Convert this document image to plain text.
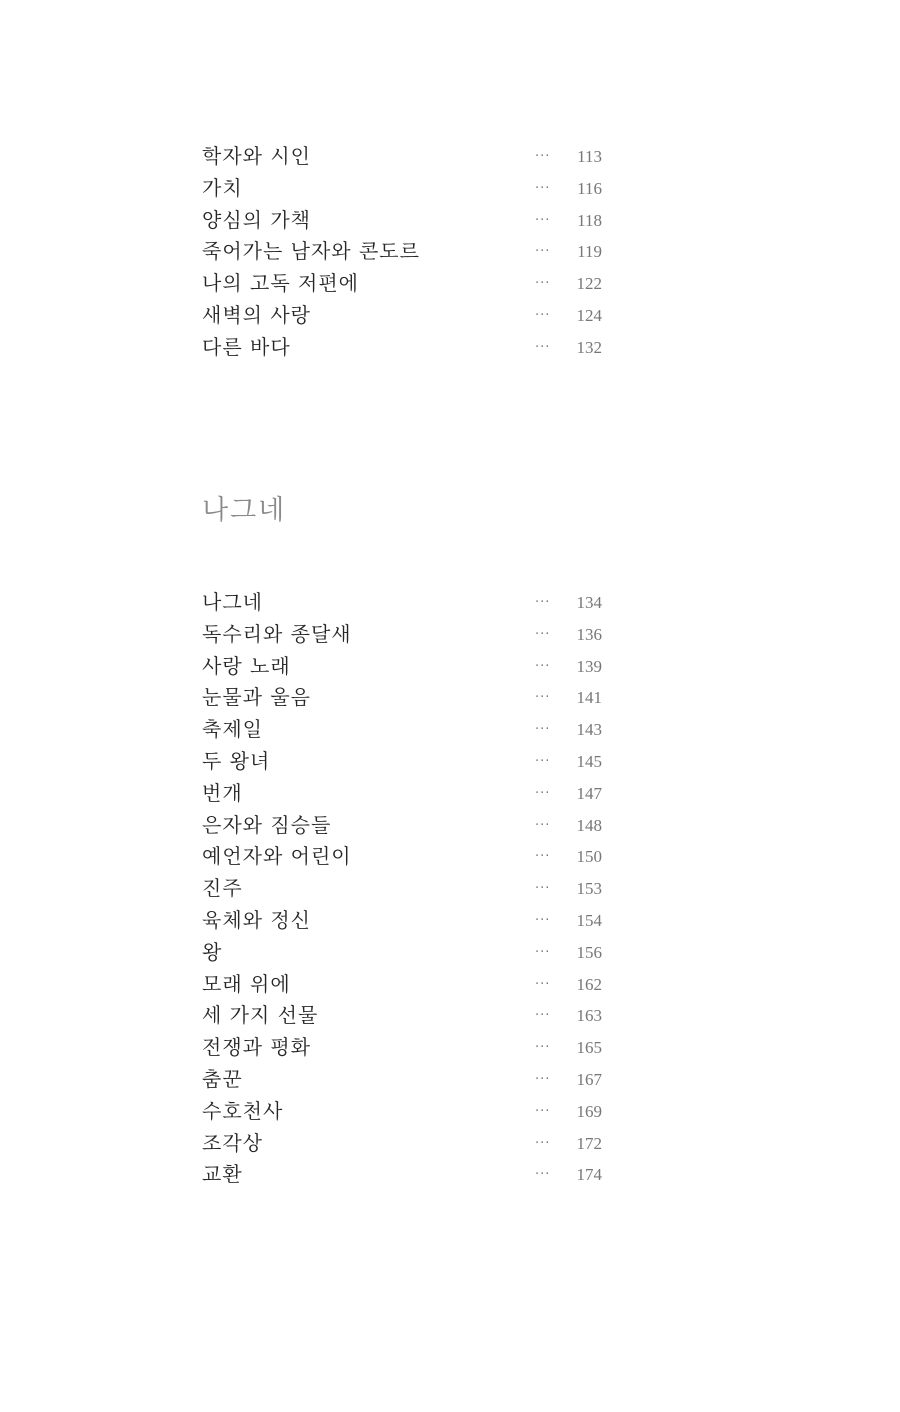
학자와 시인	···	113
가치	···	116
양심의 가책	···	118
죽어가는 남자와 콘도르	···	119
나의 고독 저편에	···	122
새벽의 사랑	···	124
다른 바다	···	132
나그네
나그네	···	134
독수리와 종달새	···	136
사랑 노래	···	139
눈물과 울음	···	141
축제일	···	143
두 왕녀	···	145
번개	···	147
은자와 짐승들	···	148
예언자와 어린이	···	150
진주	···	153
육체와 정신	···	154
왕	···	156
모래 위에	···	162
세 가지 선물	···	163
전쟁과 평화	···	165
춤꾼	···	167
수호천사	···	169
조각상	···	172
교환	···	174
